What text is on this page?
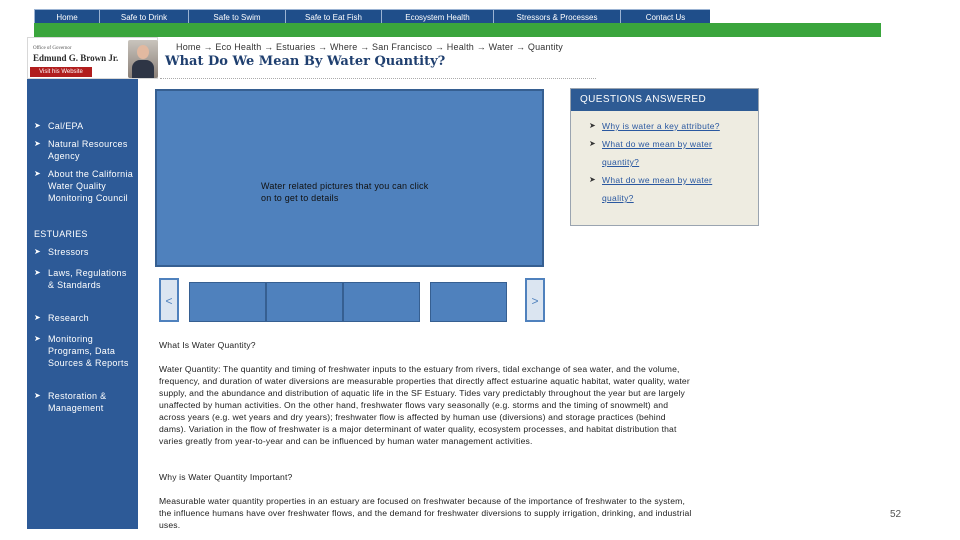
Home	Safe to Drink	Safe to Swim	Safe to Eat Fish	Ecosystem Health	Stressors & Processes	Contact Us
Office of Governor
Edmund G. Brown Jr.
Visit his Website
➤ Cal/EPA
➤ Natural Resources Agency
➤ About the California Water Quality Monitoring Council
ESTUARIES
➤ Stressors
➤ Laws, Regulations & Standards
➤ Research
➤ Monitoring Programs, Data Sources & Reports
➤ Restoration & Management
Home → Eco Health → Estuaries → Where → San Francisco → Health → Water → Quantity
What Do We Mean By Water Quantity?
Water related pictures that you can click on to get to details
QUESTIONS ANSWERED
➤ Why is water a key attribute?
➤ What do we mean by water quantity?
➤ What do we mean by water quality?
<	>
What Is Water Quantity?
Water Quantity: The quantity and timing of freshwater inputs to the estuary from rivers, tidal exchange of sea water, and the volume, frequency, and duration of water diversions are measurable properties that directly affect estuarine aquatic habitat, water quality, water supply, and the abundance and distribution of aquatic life in the SF Estuary. Tides vary predictably throughout the year but are largely unaffected by human activities. On the other hand, freshwater flows vary seasonally (e.g. storms and the timing of snowmelt) and across years (e.g. wet years and dry years); freshwater flow is affected by human use (diversions) and storage practices (behind dams). Variation in the flow of freshwater is a major determinant of water quality, ecosystem processes, and habitat distribution that varies greatly from year-to-year and can be influenced by human water management activities.
Why is Water Quantity Important?
Measurable water quantity properties in an estuary are focused on freshwater because of the importance of freshwater to the system, the influence humans have over freshwater flows, and the demand for freshwater diversions to supply irrigation, drinking, and industrial uses.
52
